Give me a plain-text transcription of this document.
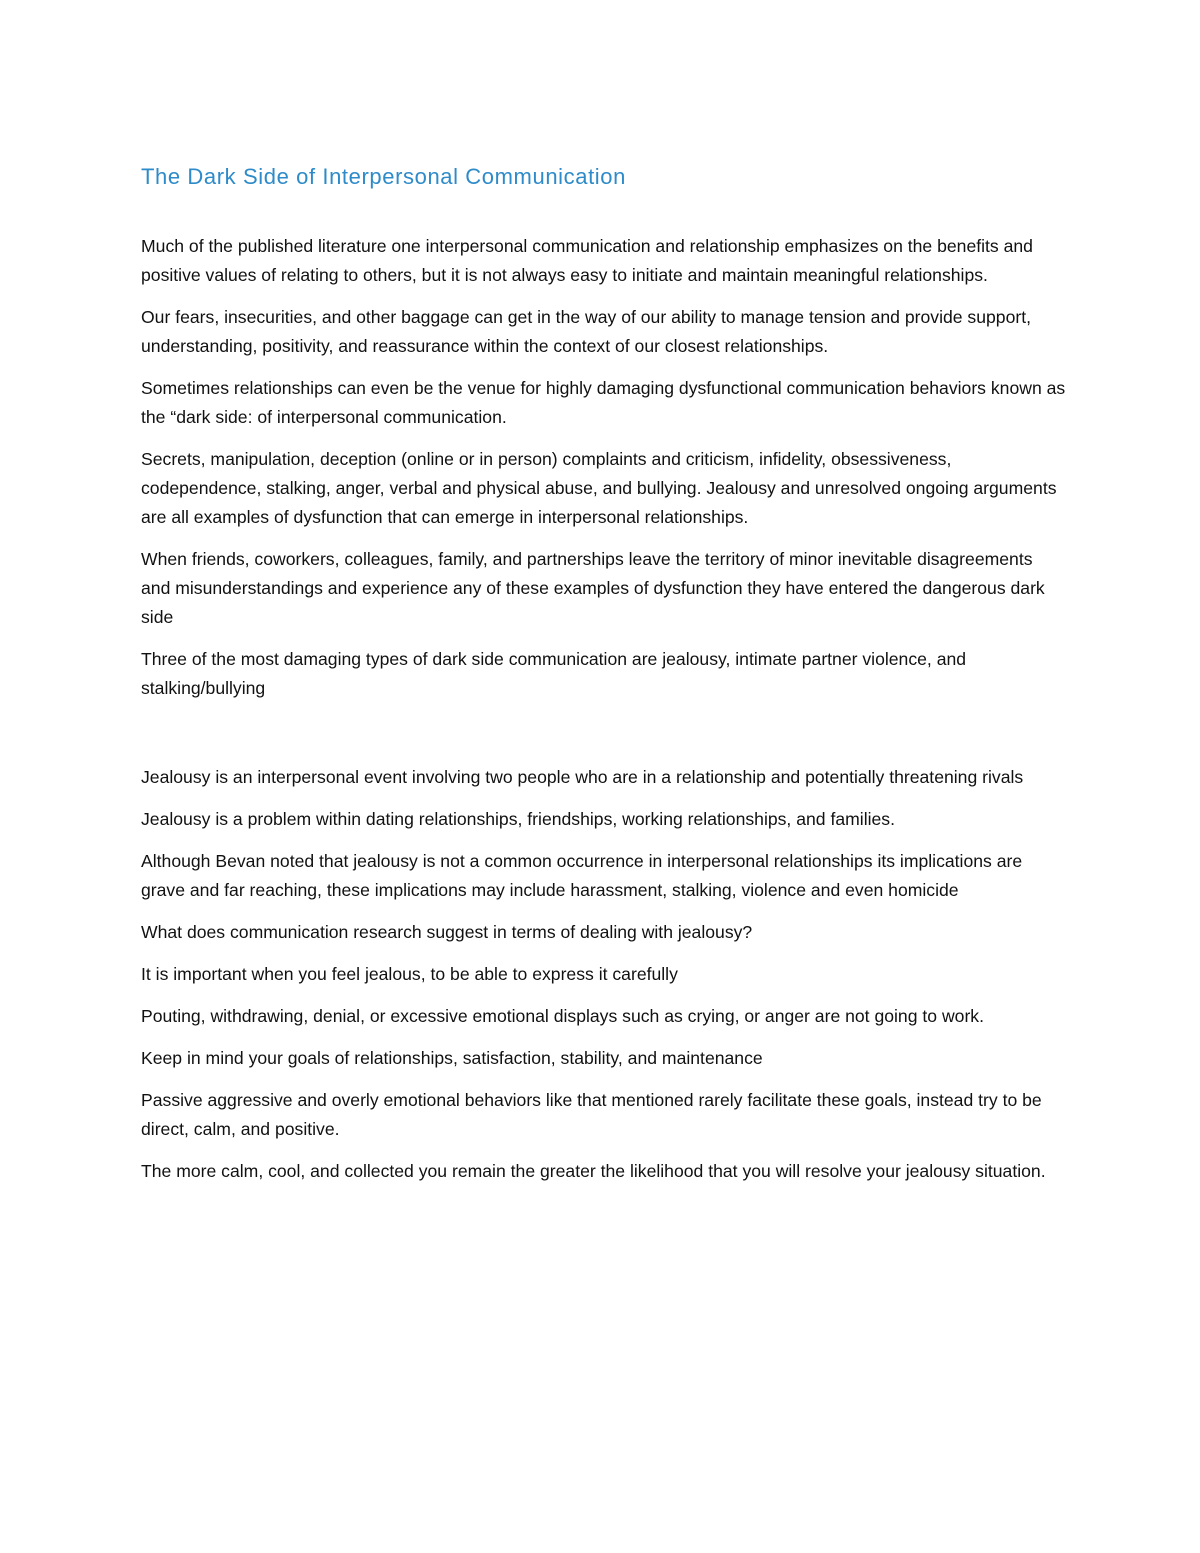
The Dark Side of Interpersonal Communication

Much of the published literature one interpersonal communication and relationship emphasizes on the benefits and positive values of relating to others, but it is not always easy to initiate and maintain meaningful relationships.

Our fears, insecurities, and other baggage can get in the way of our ability to manage tension and provide support, understanding, positivity, and reassurance within the context of our closest relationships.

Sometimes relationships can even be the venue for highly damaging dysfunctional communication behaviors known as the “dark side: of interpersonal communication.

Secrets, manipulation, deception (online or in person) complaints and criticism, infidelity, obsessiveness, codependence, stalking, anger, verbal and physical abuse, and bullying. Jealousy and unresolved ongoing arguments are all examples of dysfunction that can emerge in interpersonal relationships.

When friends, coworkers, colleagues, family, and partnerships leave the territory of minor inevitable disagreements and misunderstandings and experience any of these examples of dysfunction they have entered the dangerous dark side

Three of the most damaging types of dark side communication are jealousy, intimate partner violence, and stalking/bullying

Jealousy is an interpersonal event involving two people who are in a relationship and potentially threatening rivals

Jealousy is a problem within dating relationships, friendships, working relationships, and families.

Although Bevan noted that jealousy is not a common occurrence in interpersonal relationships its implications are grave and far reaching, these implications may include harassment, stalking, violence and even homicide

What does communication research suggest in terms of dealing with jealousy?

It is important when you feel jealous, to be able to express it carefully

Pouting, withdrawing, denial, or excessive emotional displays such as crying, or anger are not going to work.

Keep in mind your goals of relationships, satisfaction, stability, and maintenance

Passive aggressive and overly emotional behaviors like that mentioned rarely facilitate these goals, instead try to be direct, calm, and positive.

The more calm, cool, and collected you remain the greater the likelihood that you will resolve your jealousy situation.
